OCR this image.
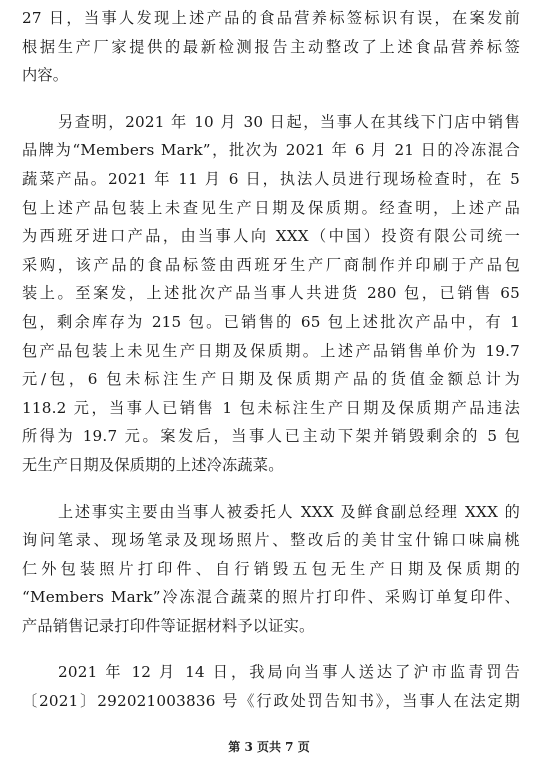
27 日，当事人发现上述产品的食品营养标签标识有误，在案发前
根据生产厂家提供的最新检测报告主动整改了上述食品营养标签
内容。
另查明，2021 年 10 月 30 日起，当事人在其线下门店中销售
品牌为“Members Mark”，批次为 2021 年 6 月 21 日的冷冻混合
蔬菜产品。2021 年 11 月 6 日，执法人员进行现场检查时，在 5
包上述产品包装上未查见生产日期及保质期。经查明，上述产品
为西班牙进口产品，由当事人向 XXX（中国）投资有限公司统一
采购，该产品的食品标签由西班牙生产厂商制作并印刷于产品包
装上。至案发，上述批次产品当事人共进货 280 包，已销售 65
包，剩余库存为 215 包。已销售的 65 包上述批次产品中，有 1
包产品包装上未见生产日期及保质期。上述产品销售单价为 19.7
元/包，6 包未标注生产日期及保质期产品的货值金额总计为
118.2 元，当事人已销售 1 包未标注生产日期及保质期产品违法
所得为 19.7 元。案发后，当事人已主动下架并销毁剩余的 5 包
无生产日期及保质期的上述冷冻蔬菜。
上述事实主要由当事人被委托人 XXX 及鲜食副总经理 XXX 的
询问笔录、现场笔录及现场照片、整改后的美甘宝什锦口味扁桃
仁外包装照片打印件、自行销毁五包无生产日期及保质期的
“Members Mark”冷冻混合蔬菜的照片打印件、采购订单复印件、
产品销售记录打印件等证据材料予以证实。
2021 年 12 月 14 日，我局向当事人送达了沪市监青罚告
〔2021〕292021003836 号《行政处罚告知书》，当事人在法定期
第 3 页共 7 页
